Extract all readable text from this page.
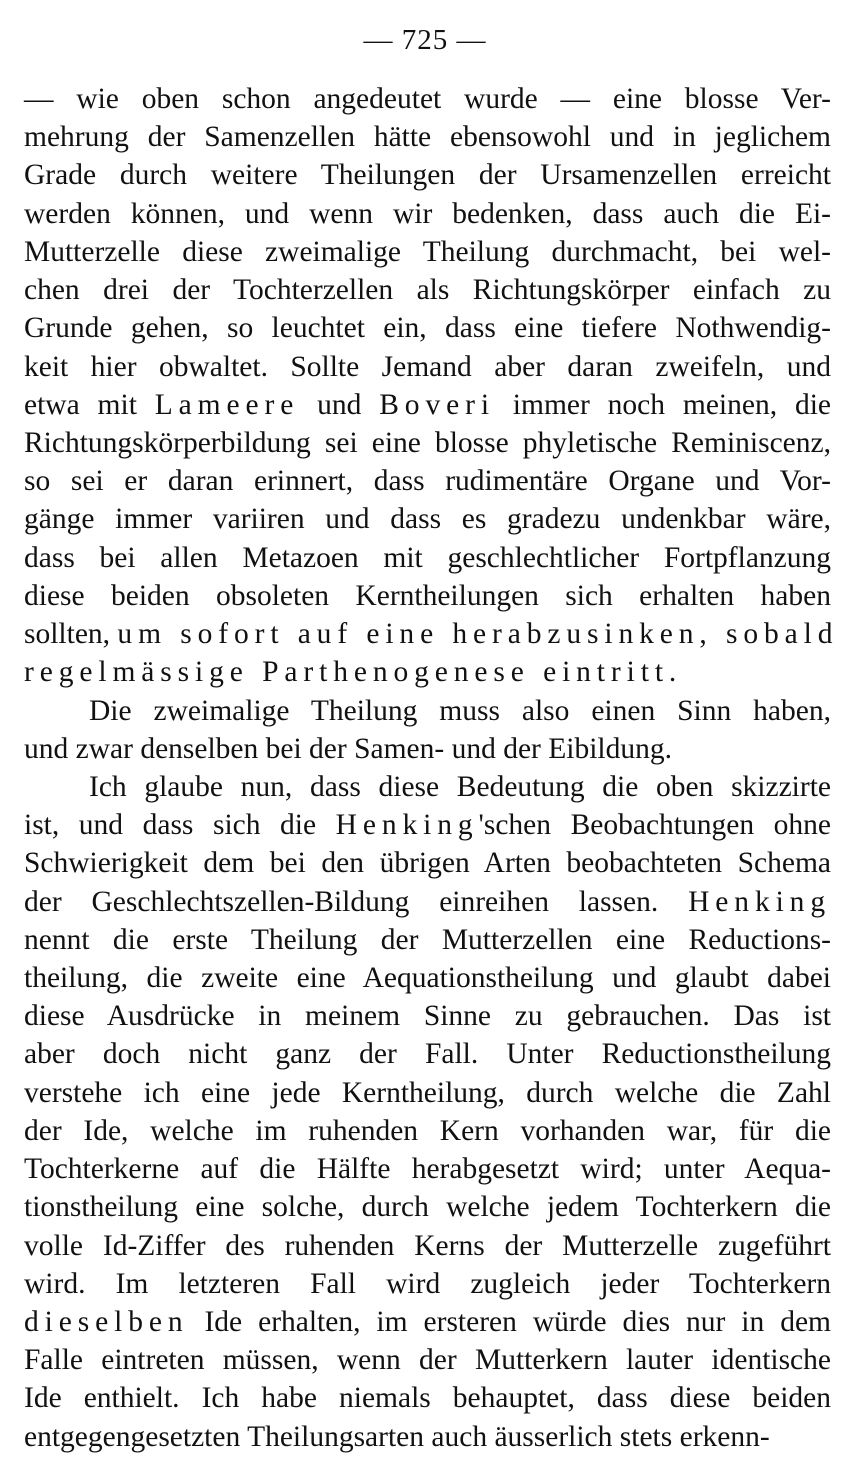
— 725 —
— wie oben schon angedeutet wurde — eine blosse Ver-
mehrung der Samenzellen hätte ebensowohl und in jeglichem
Grade durch weitere Theilungen der Ursamenzellen erreicht
werden können, und wenn wir bedenken, dass auch die Ei-
Mutterzelle diese zweimalige Theilung durchmacht, bei wel-
chen drei der Tochterzellen als Richtungskörper einfach zu
Grunde gehen, so leuchtet ein, dass eine tiefere Nothwendig-
keit hier obwaltet. Sollte Jemand aber daran zweifeln, und
etwa mit Lameere und Boveri immer noch meinen, die
Richtungskörperbildung sei eine blosse phyletische Reminiscenz,
so sei er daran erinnert, dass rudimentäre Organe und Vor-
gänge immer variiren und dass es gradezu undenkbar wäre,
dass bei allen Metazoen mit geschlechtlicher Fortpflanzung
diese beiden obsoleten Kerntheilungen sich erhalten haben
sollten, um sofort auf eine herabzusinken, sobald
regelmässige Parthenogenese eintritt.
Die zweimalige Theilung muss also einen Sinn haben,
und zwar denselben bei der Samen- und der Eibildung.
Ich glaube nun, dass diese Bedeutung die oben skizzirte
ist, und dass sich die Henking'schen Beobachtungen ohne
Schwierigkeit dem bei den übrigen Arten beobachteten Schema
der Geschlechtszellen-Bildung einreihen lassen. Henking
nennt die erste Theilung der Mutterzellen eine Reductions-
theilung, die zweite eine Aequationstheilung und glaubt dabei
diese Ausdrücke in meinem Sinne zu gebrauchen. Das ist
aber doch nicht ganz der Fall. Unter Reductionstheilung
verstehe ich eine jede Kerntheilung, durch welche die Zahl
der Ide, welche im ruhenden Kern vorhanden war, für die
Tochterkerne auf die Hälfte herabgesetzt wird; unter Aequa-
tionstheilung eine solche, durch welche jedem Tochterkern die
volle Id-Ziffer des ruhenden Kerns der Mutterzelle zugeführt
wird. Im letzteren Fall wird zugleich jeder Tochterkern
dieselben Ide erhalten, im ersteren würde dies nur in dem
Falle eintreten müssen, wenn der Mutterkern lauter identische
Ide enthielt. Ich habe niemals behauptet, dass diese beiden
entgegengesetzten Theilungsarten auch äusserlich stets erkenn-
